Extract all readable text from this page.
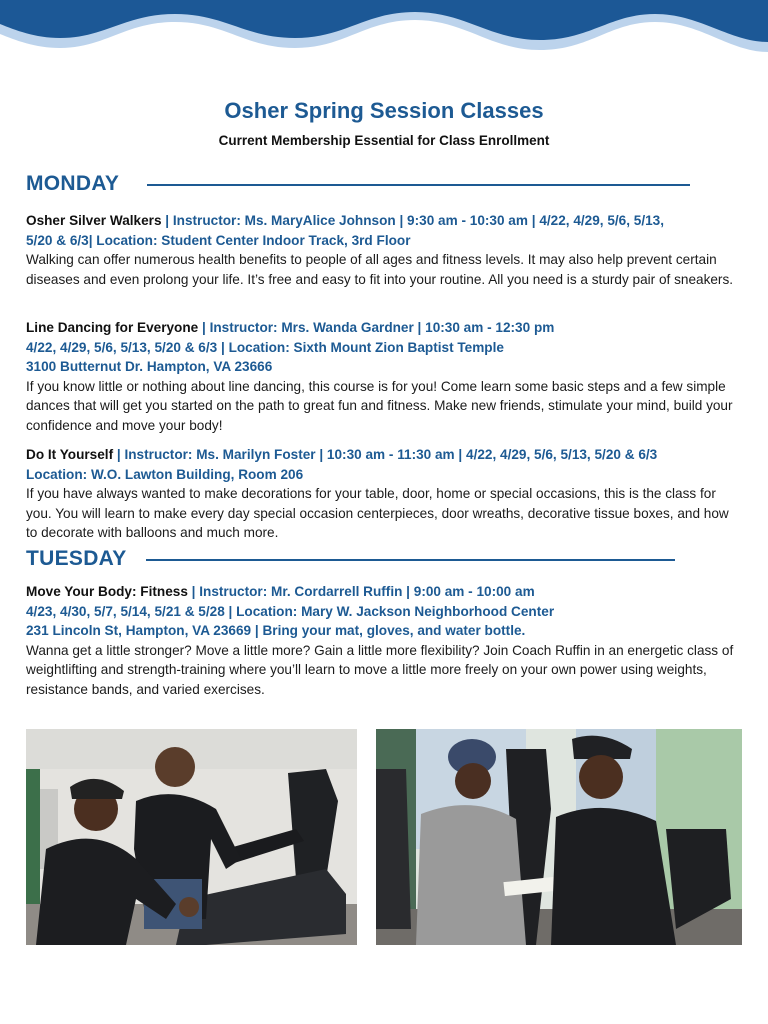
Osher Spring Session Classes
Current Membership Essential for Class Enrollment
MONDAY
Osher Silver Walkers | Instructor: Ms. MaryAlice Johnson | 9:30 am - 10:30 am | 4/22, 4/29, 5/6, 5/13,
5/20 & 6/3| Location: Student Center Indoor Track, 3rd Floor
Walking can offer numerous health benefits to people of all ages and fitness levels. It may also help prevent certain diseases and even prolong your life. It’s free and easy to fit into your routine. All you need is a sturdy pair of sneakers.
Line Dancing for Everyone | Instructor: Mrs. Wanda Gardner | 10:30 am - 12:30 pm
4/22, 4/29, 5/6, 5/13, 5/20 & 6/3 | Location: Sixth Mount Zion Baptist Temple
3100 Butternut Dr. Hampton, VA 23666
If you know little or nothing about line dancing, this course is for you! Come learn some basic steps and a few simple dances that will get you started on the path to great fun and fitness. Make new friends, stimulate your mind, build your confidence and move your body!
Do It Yourself | Instructor: Ms. Marilyn Foster | 10:30 am - 11:30 am | 4/22, 4/29, 5/6, 5/13, 5/20 & 6/3
Location: W.O. Lawton Building, Room 206
If you have always wanted to make decorations for your table, door, home or special occasions, this is the class for you. You will learn to make every day special occasion centerpieces, door wreaths, decorative tissue boxes, and how to decorate with balloons and much more.
TUESDAY
Move Your Body: Fitness | Instructor: Mr. Cordarrell Ruffin | 9:00 am - 10:00 am
4/23, 4/30, 5/7, 5/14, 5/21 & 5/28 | Location: Mary W. Jackson Neighborhood Center
231 Lincoln St, Hampton, VA 23669 | Bring your mat, gloves, and water bottle.
Wanna get a little stronger? Move a little more? Gain a little more flexibility? Join Coach Ruffin in an energetic class of weightlifting and strength-training where you’ll learn to move a little more freely on your own power using weights, resistance bands, and varied exercises.
